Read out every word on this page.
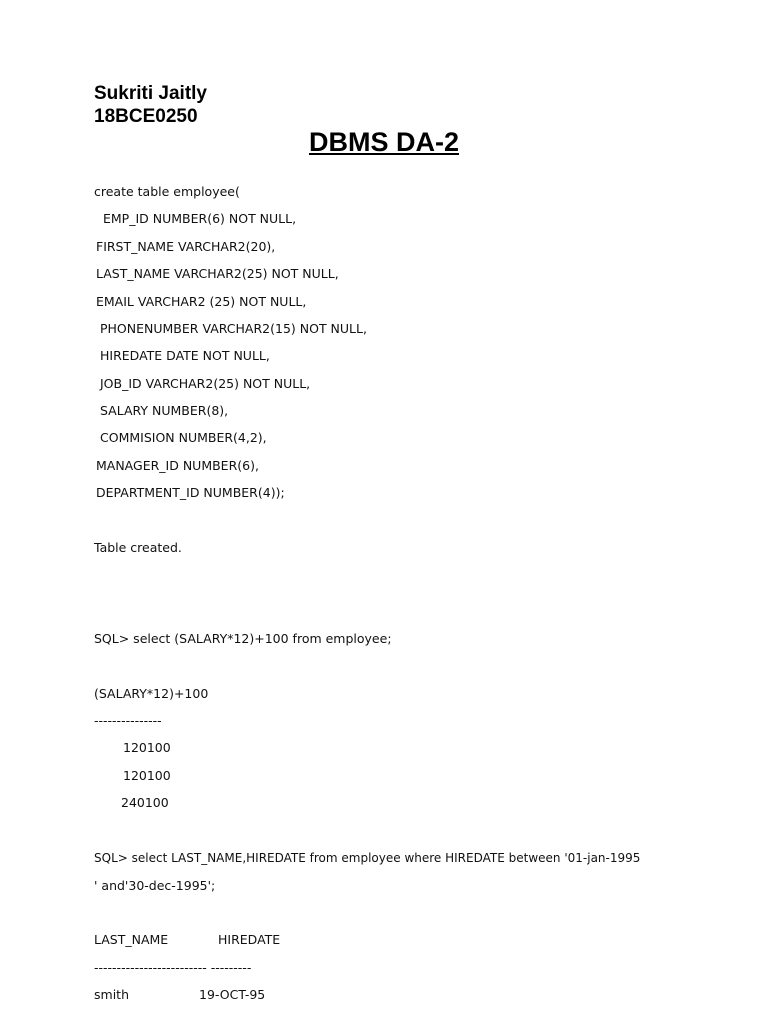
Sukriti Jaitly
18BCE0250
DBMS DA-2
create table employee(
EMP_ID NUMBER(6) NOT NULL,
FIRST_NAME VARCHAR2(20),
LAST_NAME VARCHAR2(25) NOT NULL,
EMAIL VARCHAR2 (25) NOT NULL,
PHONENUMBER VARCHAR2(15) NOT NULL,
HIREDATE DATE NOT NULL,
JOB_ID VARCHAR2(25) NOT NULL,
SALARY NUMBER(8),
COMMISION NUMBER(4,2),
MANAGER_ID NUMBER(6),
DEPARTMENT_ID NUMBER(4));
Table created.
SQL> select (SALARY*12)+100 from employee;
(SALARY*12)+100
---------------
120100
120100
240100
SQL> select LAST_NAME,HIREDATE from employee where HIREDATE between '01-jan-1995
' and'30-dec-1995';
LAST_NAME	HIREDATE
------------------------- ---------
smith	19-OCT-95
